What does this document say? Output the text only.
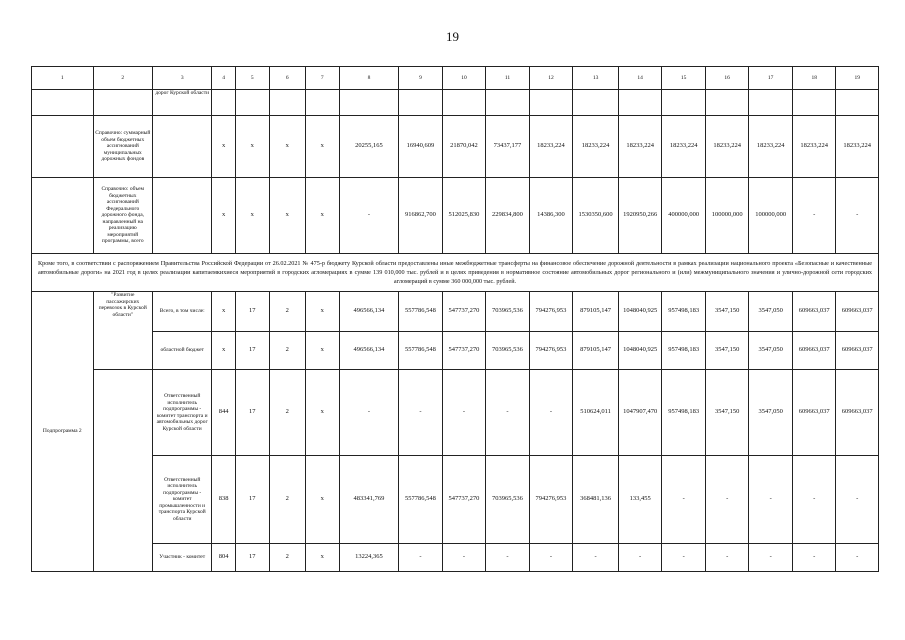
19
1	2	3	4	5	6	7	8	9	10	11	12	13	14	15	16	17	18	19
		дорог Курской области																
	Справочно: суммарный объем бюджетных ассигнований муниципальных дорожных фондов		х	х	х	х	20255,165	16940,609	21870,042	73437,177	18233,224	18233,224	18233,224	18233,224	18233,224	18233,224	18233,224	18233,224
	Справочно: объем бюджетных ассигнований Федерального дорожного фонда, направленный на реализацию мероприятий программы, всего		х	х	х	х	-	916862,700	512025,830	229834,800	14386,300	1530350,600	1920950,266	400000,000	100000,000	100000,000	-	-
Кроме того, в соответствии с распоряжением Правительства Российской Федерации от 26.02.2021 № 475-р бюджету Курской области предоставлены иные межбюджетные трансферты на финансовое обеспечение дорожной деятельности в рамках реализации национального проекта «Безопасные и качественные автомобильные дороги» на 2021 год в целях реализации капитаемкихиеся мероприятий в городских агломерациях в сумме 139 010,000 тыс. рублей и в целях приведения в нормативное состояние автомобильных дорог регионального и (или) межмуниципального значения и улично-дорожной сети городских агломераций в сумме 360 000,000 тыс. рублей.																		
Подпрограмма 2	"Развитие пассажирских перевозок в Курской области"	Всего, в том числе:	х	17	2	х	496566,134	557786,548	547737,270	703965,536	794276,953	879105,147	1048040,925	957498,183	3547,150	3547,050	609663,037	609663,037
		областной бюджет	х	17	2	х	496566,134	557786,548	547737,270	703965,536	794276,953	879105,147	1048040,925	957498,183	3547,150	3547,050	609663,037	609663,037
		Ответственный исполнитель подпрограммы - комитет транспорта и автомобильных дорог Курской области	844	17	2	х	-	-	-	-	-	510624,011	1047907,470	957498,183	3547,150	3547,050	609663,037	609663,037
		Ответственный исполнитель подпрограммы - комитет промышленности и транспорта Курской области	838	17	2	х	483341,769	557786,548	547737,270	703965,536	794276,953	368481,136	133,455	-	-	-	-	-
		Участник - комитет	804	17	2	х	13224,365	-	-	-	-	-	-	-	-	-	-	-
